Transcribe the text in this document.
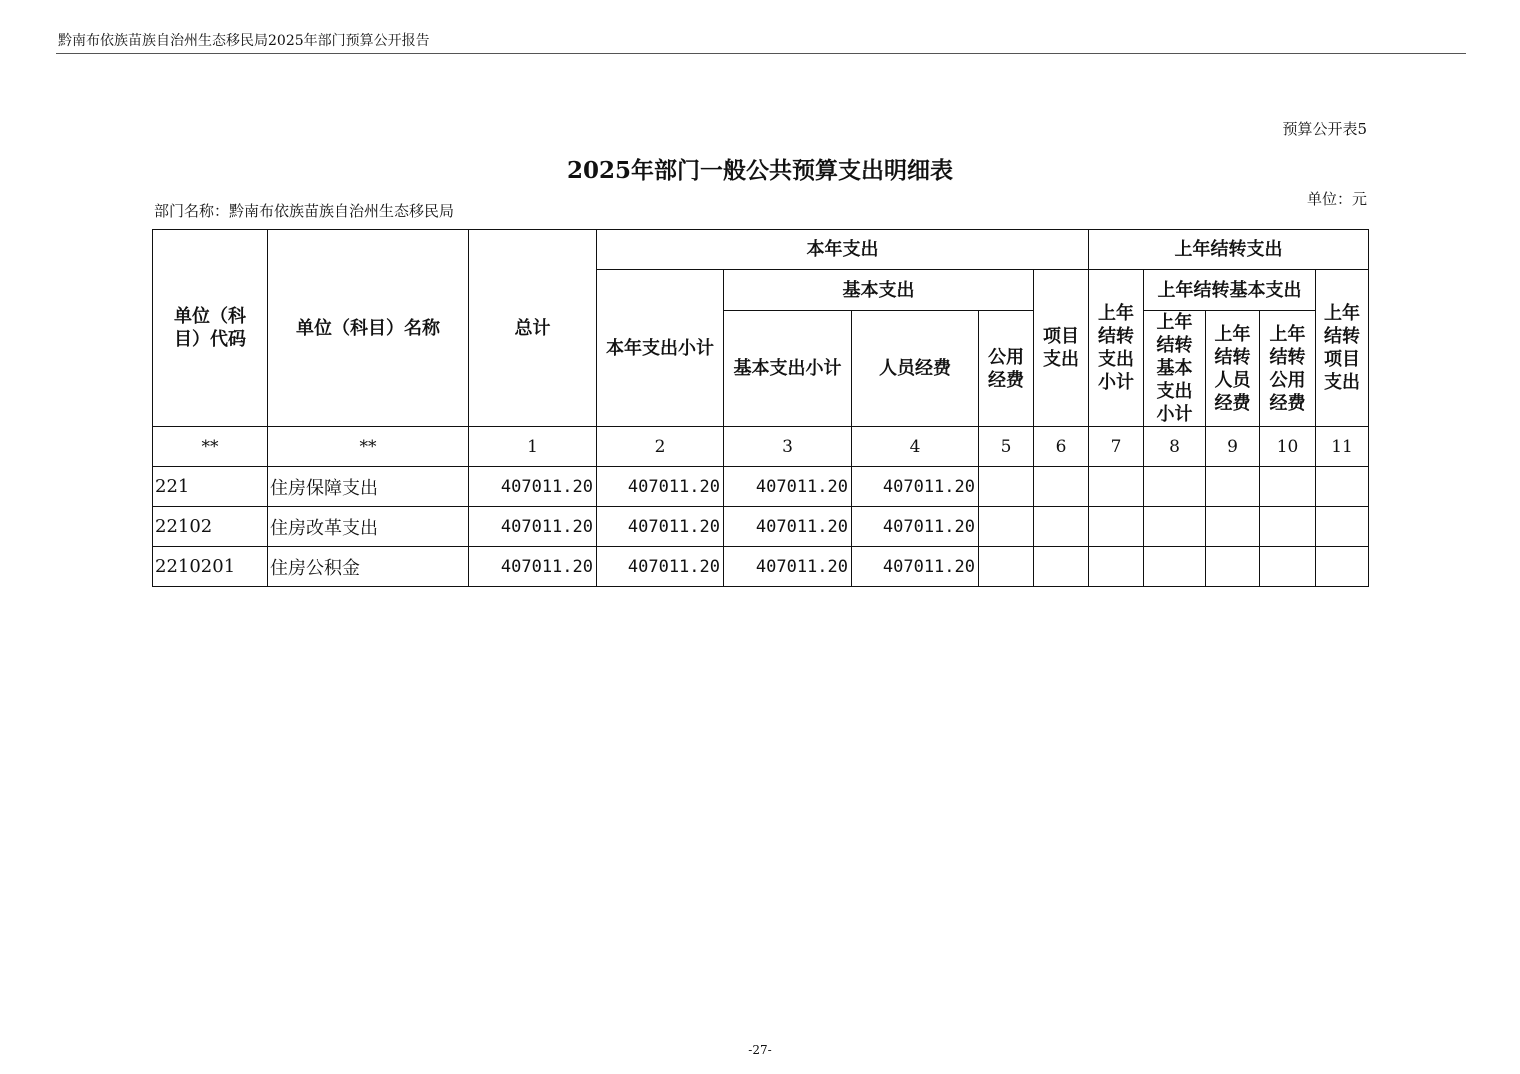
黔南布依族苗族自治州生态移民局2025年部门预算公开报告
预算公开表5
2025年部门一般公共预算支出明细表
部门名称：黔南布依族苗族自治州生态移民局
单位：元
单位（科目）代码	单位（科目）名称	总计	本年支出					上年结转支出				
			本年支出小计	基本支出			项目支出	上年结转支出小计	上年结转基本支出			上年结转项目支出

				基本支出小计	人员经费	公用经费			上年结转基本支出小计	上年结转人员经费	上年结转公用经费	

**	**	1	2	3	4	5	6	7	8	9	10	11
221	住房保障支出	407011.20	407011.20	407011.20	407011.20							
22102	住房改革支出	407011.20	407011.20	407011.20	407011.20							
2210201	住房公积金	407011.20	407011.20	407011.20	407011.20							
-27-
